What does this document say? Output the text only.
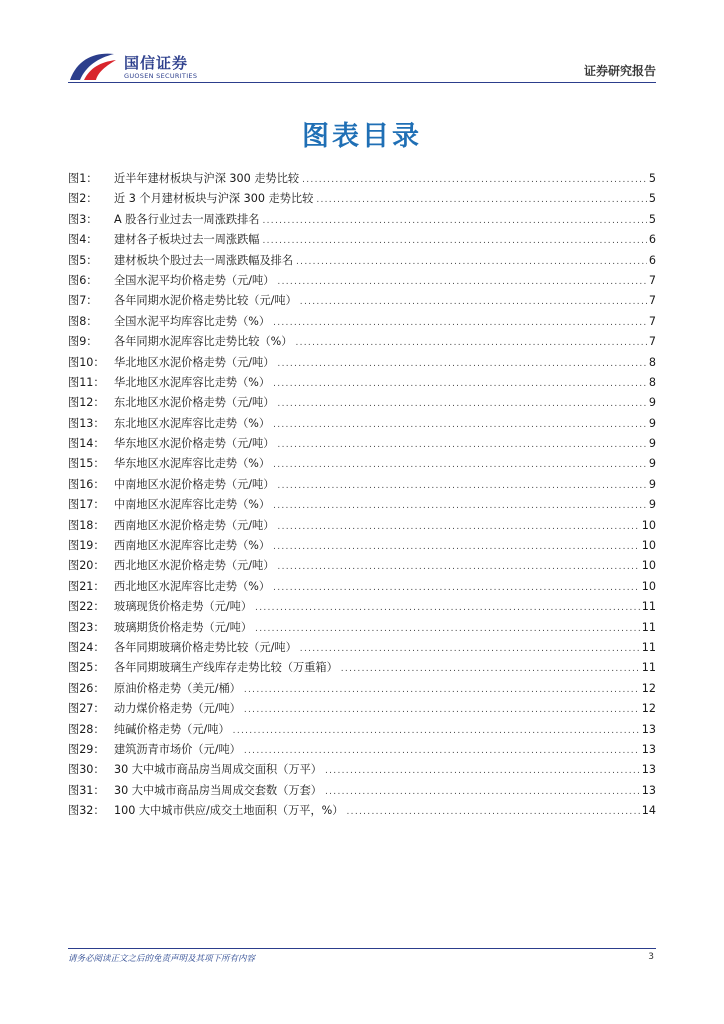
国信证券
GUOSEN SECURITIES	证券研究报告
图表目录
图1：	近半年建材板块与沪深 300 走势比较 .....	5
图2：	近 3 个月建材板块与沪深 300 走势比较 .....	5
图3：	A 股各行业过去一周涨跌排名 .....	5
图4：	建材各子板块过去一周涨跌幅 .....	6
图5：	建材板块个股过去一周涨跌幅及排名 .....	6
图6：	全国水泥平均价格走势（元/吨） .....	7
图7：	各年同期水泥价格走势比较（元/吨） .....	7
图8：	全国水泥平均库容比走势（%） .....	7
图9：	各年同期水泥库容比走势比较（%） .....	7
图10： 华北地区水泥价格走势（元/吨） .....	8
图11： 华北地区水泥库容比走势（%） .....	8
图12： 东北地区水泥价格走势（元/吨） .....	9
图13： 东北地区水泥库容比走势（%） .....	9
图14： 华东地区水泥价格走势（元/吨） .....	9
图15： 华东地区水泥库容比走势（%） .....	9
图16： 中南地区水泥价格走势（元/吨） .....	9
图17： 中南地区水泥库容比走势（%） .....	9
图18： 西南地区水泥价格走势（元/吨） .....	10
图19： 西南地区水泥库容比走势（%） .....	10
图20： 西北地区水泥价格走势（元/吨） .....	10
图21： 西北地区水泥库容比走势（%） .....	10
图22： 玻璃现货价格走势（元/吨） .....	11
图23： 玻璃期货价格走势（元/吨） .....	11
图24： 各年同期玻璃价格走势比较（元/吨） .....	11
图25： 各年同期玻璃生产线库存走势比较（万重箱） .....	11
图26： 原油价格走势（美元/桶） .....	12
图27： 动力煤价格走势（元/吨） .....	12
图28： 纯碱价格走势（元/吨） .....	13
图29： 建筑沥青市场价（元/吨） .....	13
图30： 30 大中城市商品房当周成交面积（万平） .....	13
图31： 30 大中城市商品房当周成交套数（万套） .....	13
图32： 100 大中城市供应/成交土地面积（万平，%） .....	14
请务必阅读正文之后的免责声明及其项下所有内容	3
